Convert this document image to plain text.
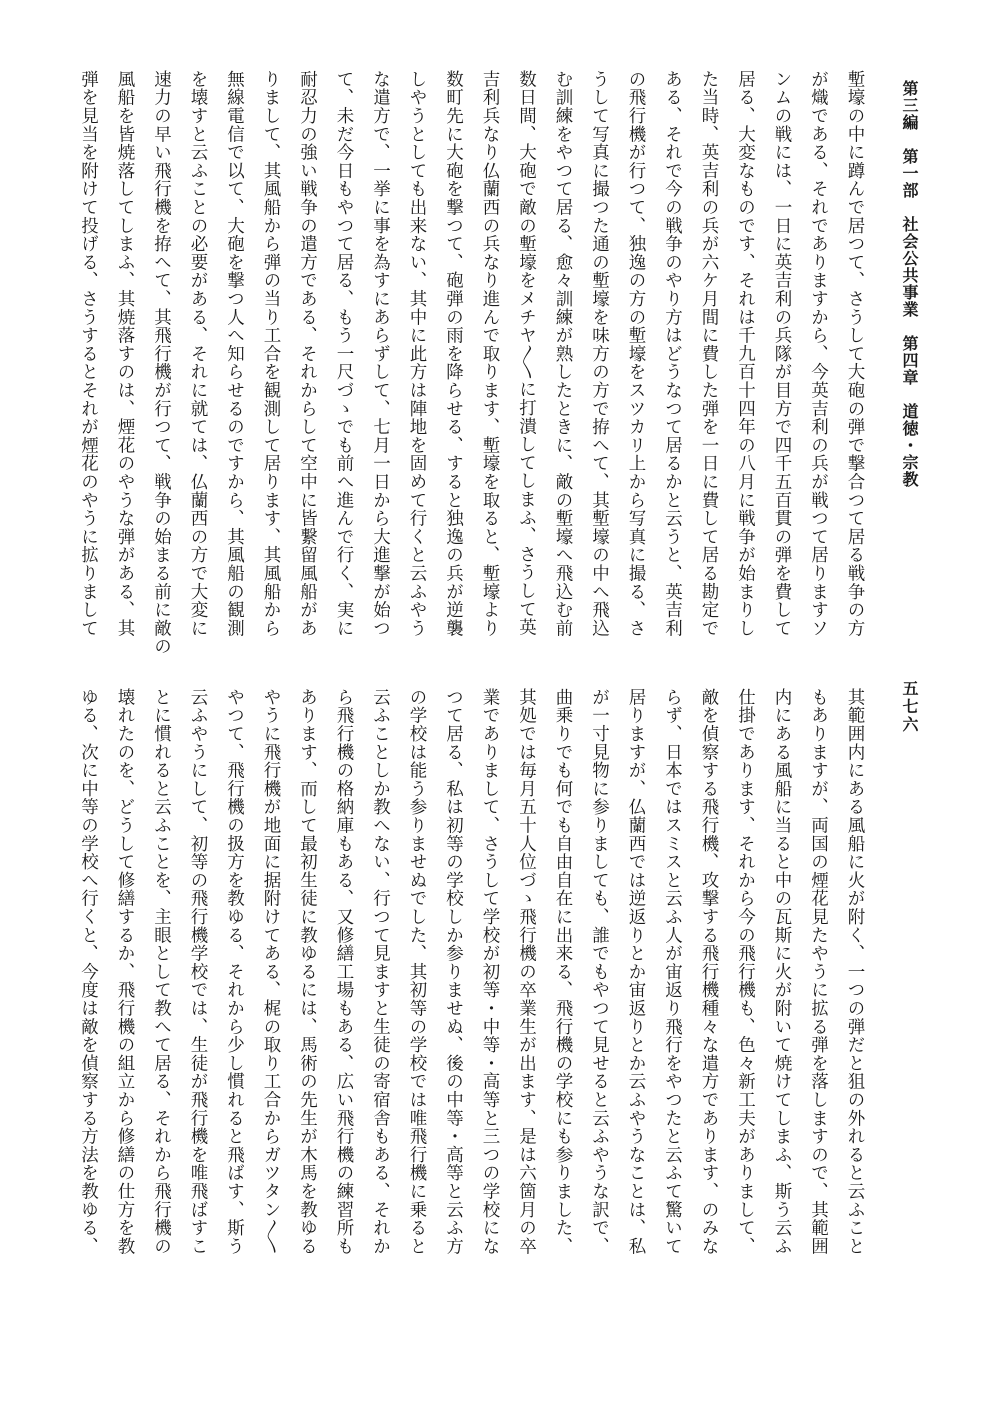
第三編　第一部　社会公共事業　第四章　道徳・宗教
五七六
塹壕の中に蹲んで居つて、さうして大砲の弾で撃合つて居る戦争の方
が熾である、それでありますから、今英吉利の兵が戦つて居りますソ
ンムの戦には、一日に英吉利の兵隊が目方で四千五百貫の弾を費して
居る、大変なものです、それは千九百十四年の八月に戦争が始まりし
た当時、英吉利の兵が六ケ月間に費した弾を一日に費して居る勘定で
ある、それで今の戦争のやり方はどうなつて居るかと云うと、英吉利
の飛行機が行つて、独逸の方の塹壕をスツカリ上から写真に撮る、さ
うして写真に撮つた通の塹壕を味方の方で拵へて、其塹壕の中へ飛込
む訓練をやつて居る、愈々訓練が熟したときに、敵の塹壕へ飛込む前
数日間、大砲で敵の塹壕をメチヤ〳〵に打潰してしまふ、さうして英
吉利兵なり仏蘭西の兵なり進んで取ります、塹壕を取ると、塹壕より
数町先に大砲を撃つて、砲弾の雨を降らせる、すると独逸の兵が逆襲
しやうとしても出来ない、其中に此方は陣地を固めて行くと云ふやう
な遣方で、一挙に事を為すにあらずして、七月一日から大進撃が始つ
て、未だ今日もやつて居る、もう一尺づゝでも前へ進んで行く、実に
耐忍力の強い戦争の遣方である、それからして空中に皆繋留風船があ
りまして、其風船から弾の当り工合を観測して居ります、其風船から
無線電信で以て、大砲を撃つ人へ知らせるのですから、其風船の観測
を壊すと云ふことの必要がある、それに就ては、仏蘭西の方で大変に
速力の早い飛行機を拵へて、其飛行機が行つて、戦争の始まる前に敵の
風船を皆焼落してしまふ、其焼落すのは、煙花のやうな弾がある、其
弾を見当を附けて投げる、さうするとそれが煙花のやうに拡りまして
其範囲内にある風船に火が附く、一つの弾だと狙の外れると云ふこと
もありますが、両国の煙花見たやうに拡る弾を落しますので、其範囲
内にある風船に当ると中の瓦斯に火が附いて焼けてしまふ、斯う云ふ
仕掛であります、それから今の飛行機も、色々新工夫がありまして、
敵を偵察する飛行機、攻撃する飛行機種々な遣方であります、のみな
らず、日本ではスミスと云ふ人が宙返り飛行をやつたと云ふて驚いて
居りますが、仏蘭西では逆返りとか宙返りとか云ふやうなことは、私
が一寸見物に参りましても、誰でもやつて見せると云ふやうな訳で、
曲乗りでも何でも自由自在に出来る、飛行機の学校にも参りました、
其処では毎月五十人位づゝ飛行機の卒業生が出ます、是は六箇月の卒
業でありまして、さうして学校が初等・中等・高等と三つの学校にな
つて居る、私は初等の学校しか参りませぬ、後の中等・高等と云ふ方
の学校は能う参りませぬでした、其初等の学校では唯飛行機に乗ると
云ふことしか教へない、行つて見ますと生徒の寄宿舎もある、それか
ら飛行機の格納庫もある、又修繕工場もある、広い飛行機の練習所も
あります、而して最初生徒に教ゆるには、馬術の先生が木馬を教ゆる
やうに飛行機が地面に据附けてある、梶の取り工合からガツタン〳〵
やつて、飛行機の扱方を教ゆる、それから少し慣れると飛ばす、斯う
云ふやうにして、初等の飛行機学校では、生徒が飛行機を唯飛ばすこ
とに慣れると云ふことを、主眼として教へて居る、それから飛行機の
壊れたのを、どうして修繕するか、飛行機の組立から修繕の仕方を教
ゆる、次に中等の学校へ行くと、今度は敵を偵察する方法を教ゆる、
